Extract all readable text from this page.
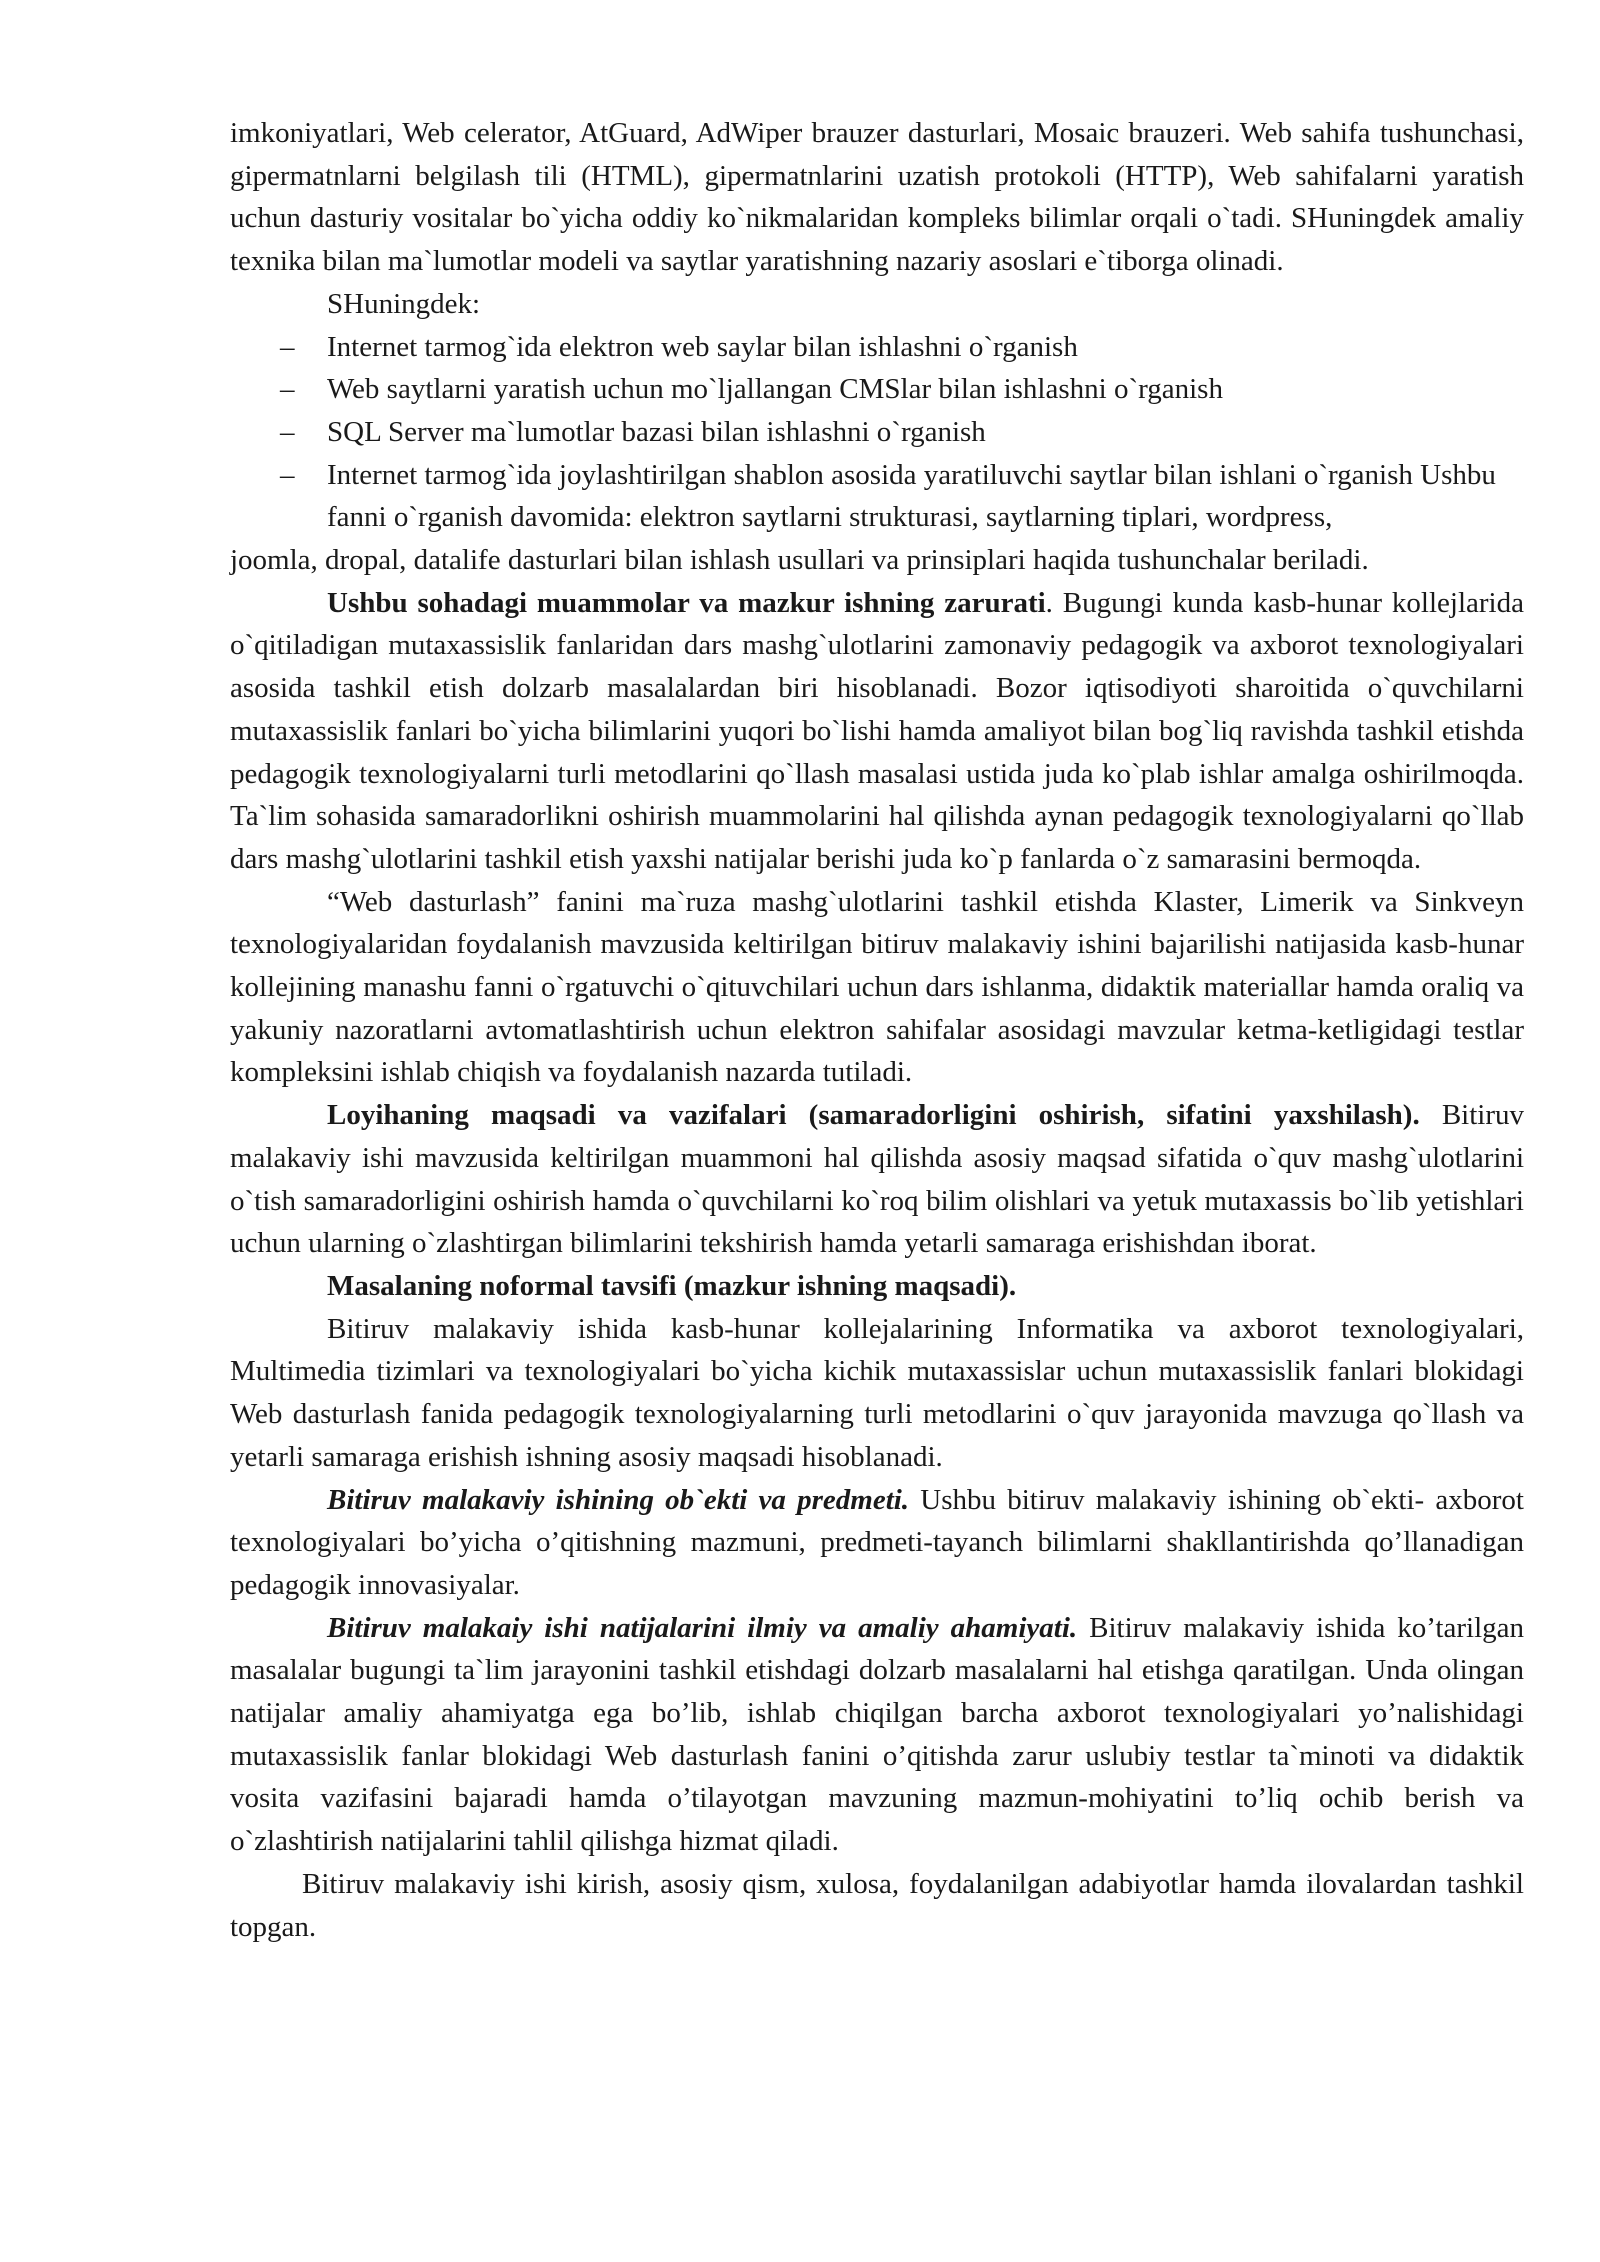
imkoniyatlari, Web celerator, AtGuard, AdWiper brauzer dasturlari, Mosaic brauzeri. Web sahifa tushunchasi, gipermatnlarni belgilash tili (HTML), gipermatnlarini uzatish protokoli (HTTP), Web sahifalarni yaratish uchun dasturiy vositalar bo`yicha oddiy ko`nikmalaridan kompleks bilimlar orqali o`tadi. SHuningdek amaliy texnika bilan ma`lumotlar modeli va saytlar yaratishning nazariy asoslari e`tiborga olinadi.

SHuningdek:

– Internet tarmog`ida elektron web saylar bilan ishlashni o`rganish
– Web saytlarni yaratish uchun mo`ljallangan CMSlar bilan ishlashni o`rganish
– SQL Server ma`lumotlar bazasi bilan ishlashni o`rganish
– Internet tarmog`ida joylashtirilgan shablon asosida yaratiluvchi saytlar bilan ishlani o`rganish Ushbu fanni o`rganish davomida: elektron saytlarni strukturasi, saytlarning tiplari, wordpress,

joomla, dropal, datalife dasturlari bilan ishlash usullari va prinsiplari haqida tushunchalar beriladi.

Ushbu sohadagi muammolar va mazkur ishning zarurati. Bugungi kunda kasb-hunar kollejlarida o`qitiladigan mutaxassislik fanlaridan dars mashg`ulotlarini zamonaviy pedagogik va axborot texnologiyalari asosida tashkil etish dolzarb masalalardan biri hisoblanadi. Bozor iqtisodiyoti sharoitida o`quvchilarni mutaxassislik fanlari bo`yicha bilimlarini yuqori bo`lishi hamda amaliyot bilan bog`liq ravishda tashkil etishda pedagogik texnologiyalarni turli metodlarini qo`llash masalasi ustida juda ko`plab ishlar amalga oshirilmoqda. Ta`lim sohasida samaradorlikni oshirish muammolarini hal qilishda aynan pedagogik texnologiyalarni qo`llab dars mashg`ulotlarini tashkil etish yaxshi natijalar berishi juda ko`p fanlarda o`z samarasini bermoqda.

“Web dasturlash” fanini ma`ruza mashg`ulotlarini tashkil etishda Klaster, Limerik va Sinkveyn texnologiyalaridan foydalanish mavzusida keltirilgan bitiruv malakaviy ishini bajarilishi natijasida kasb-hunar kollejining manashu fanni o`rgatuvchi o`qituvchilari uchun dars ishlanma, didaktik materiallar hamda oraliq va yakuniy nazoratlarni avtomatlashtirish uchun elektron sahifalar asosidagi mavzular ketma-ketligidagi testlar kompleksini ishlab chiqish va foydalanish nazarda tutiladi.

Loyihaning maqsadi va vazifalari (samaradorligini oshirish, sifatini yaxshilash). Bitiruv malakaviy ishi mavzusida keltirilgan muammoni hal qilishda asosiy maqsad sifatida o`quv mashg`ulotlarini o`tish samaradorligini oshirish hamda o`quvchilarni ko`roq bilim olishlari va yetuk mutaxassis bo`lib yetishlari uchun ularning o`zlashtirgan bilimlarini tekshirish hamda yetarli samaraga erishishdan iborat.

Masalaning noformal tavsifi (mazkur ishning maqsadi).

Bitiruv malakaviy ishida kasb-hunar kollejalarining Informatika va axborot texnologiyalari, Multimedia tizimlari va texnologiyalari bo`yicha kichik mutaxassislar uchun mutaxassislik fanlari blokidagi Web dasturlash fanida pedagogik texnologiyalarning turli metodlarini o`quv jarayonida mavzuga qo`llash va yetarli samaraga erishish ishning asosiy maqsadi hisoblanadi.

Bitiruv malakaviy ishining ob`ekti va predmeti. Ushbu bitiruv malakaviy ishining ob`ekti- axborot texnologiyalari bo’yicha o’qitishning mazmuni, predmeti-tayanch bilimlarni shakllantirishda qo’llanadigan pedagogik innovasiyalar.

Bitiruv malakaiy ishi natijalarini ilmiy va amaliy ahamiyati. Bitiruv malakaviy ishida ko’tarilgan masalalar bugungi ta`lim jarayonini tashkil etishdagi dolzarb masalalarni hal etishga qaratilgan. Unda olingan natijalar amaliy ahamiyatga ega bo’lib, ishlab chiqilgan barcha axborot texnologiyalari yo’nalishidagi mutaxassislik fanlar blokidagi Web dasturlash fanini o’qitishda zarur uslubiy testlar ta`minoti va didaktik vosita vazifasini bajaradi hamda o’tilayotgan mavzuning mazmun-mohiyatini to’liq ochib berish va o`zlashtirish natijalarini tahlil qilishga hizmat qiladi.

Bitiruv malakaviy ishi kirish, asosiy qism, xulosa, foydalanilgan adabiyotlar hamda ilovalardan tashkil topgan.
